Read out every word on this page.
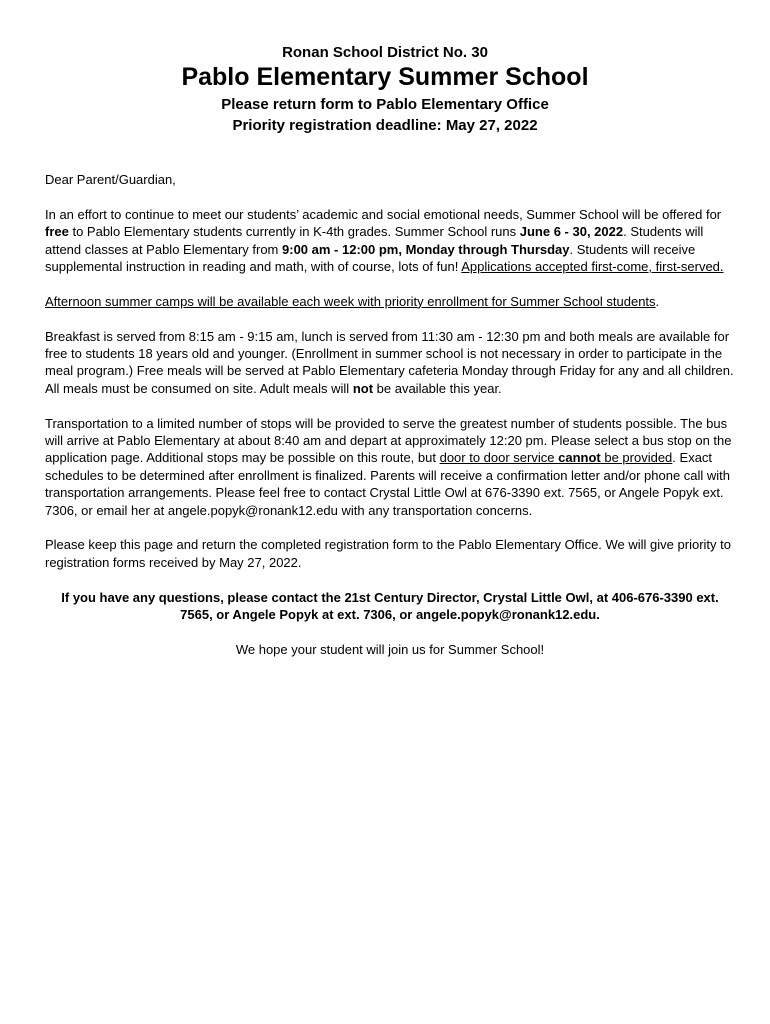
Ronan School District No. 30
Pablo Elementary Summer School
Please return form to Pablo Elementary Office
Priority registration deadline: May 27, 2022

Dear Parent/Guardian,

In an effort to continue to meet our students’ academic and social emotional needs, Summer School will be offered for free to Pablo Elementary students currently in K-4th grades. Summer School runs June 6 - 30, 2022. Students will attend classes at Pablo Elementary from 9:00 am - 12:00 pm, Monday through Thursday. Students will receive supplemental instruction in reading and math, with of course, lots of fun! Applications accepted first-come, first-served.

Afternoon summer camps will be available each week with priority enrollment for Summer School students.

Breakfast is served from 8:15 am - 9:15 am, lunch is served from 11:30 am - 12:30 pm and both meals are available for free to students 18 years old and younger. (Enrollment in summer school is not necessary in order to participate in the meal program.) Free meals will be served at Pablo Elementary cafeteria Monday through Friday for any and all children. All meals must be consumed on site. Adult meals will not be available this year.

Transportation to a limited number of stops will be provided to serve the greatest number of students possible. The bus will arrive at Pablo Elementary at about 8:40 am and depart at approximately 12:20 pm. Please select a bus stop on the application page. Additional stops may be possible on this route, but door to door service cannot be provided. Exact schedules to be determined after enrollment is finalized. Parents will receive a confirmation letter and/or phone call with transportation arrangements. Please feel free to contact Crystal Little Owl at 676-3390 ext. 7565, or Angele Popyk ext. 7306, or email her at angele.popyk@ronank12.edu with any transportation concerns.

Please keep this page and return the completed registration form to the Pablo Elementary Office. We will give priority to registration forms received by May 27, 2022.

If you have any questions, please contact the 21st Century Director, Crystal Little Owl, at 406-676-3390 ext. 7565, or Angele Popyk at ext. 7306, or angele.popyk@ronank12.edu.

We hope your student will join us for Summer School!
